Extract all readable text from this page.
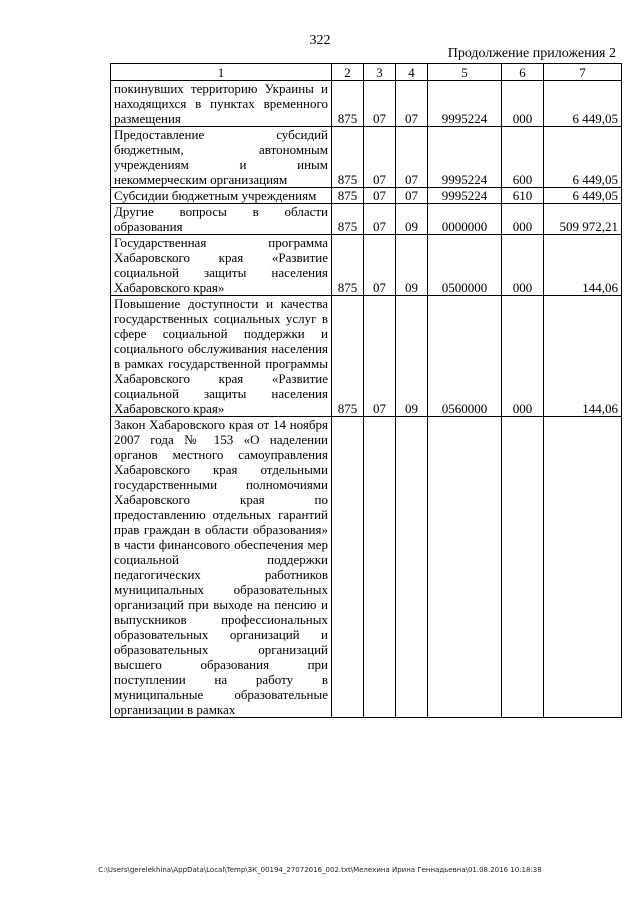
322
Продолжение приложения 2
1	2	3	4	5	6	7
покинувших территорию Украины и находящихся в пунктах временного размещения	875	07	07	9995224	000	6 449,05
Предоставление субсидий бюджетным, автономным учреждениям и иным некоммерческим организациям	875	07	07	9995224	600	6 449,05
Субсидии бюджетным учреждениям	875	07	07	9995224	610	6 449,05
Другие вопросы в области образования	875	07	09	0000000	000	509 972,21
Государственная программа Хабаровского края «Развитие социальной защиты населения Хабаровского края»	875	07	09	0500000	000	144,06
Повышение доступности и качества государственных социальных услуг в сфере социальной поддержки и социального обслуживания населения в рамках государственной программы Хабаровского края «Развитие социальной защиты населения Хабаровского края»	875	07	09	0560000	000	144,06
Закон Хабаровского края от 14 ноября 2007 года № 153 «О наделении органов местного самоуправления Хабаровского края отдельными государственными полномочиями Хабаровского края по предоставлению отдельных гарантий прав граждан в области образования» в части финансового обеспечения мер социальной поддержки педагогических работников муниципальных образовательных организаций при выходе на пенсию и выпускников профессиональных образовательных организаций и образовательных организаций высшего образования при поступлении на работу в муниципальные образовательные организации в рамках						
C:\Users\gerelekhina\AppData\Local\Temp\ЗК_00194_27072016_002.txt\Мелехина Ирина Геннадьевна\01.08.2016 10:18:38
